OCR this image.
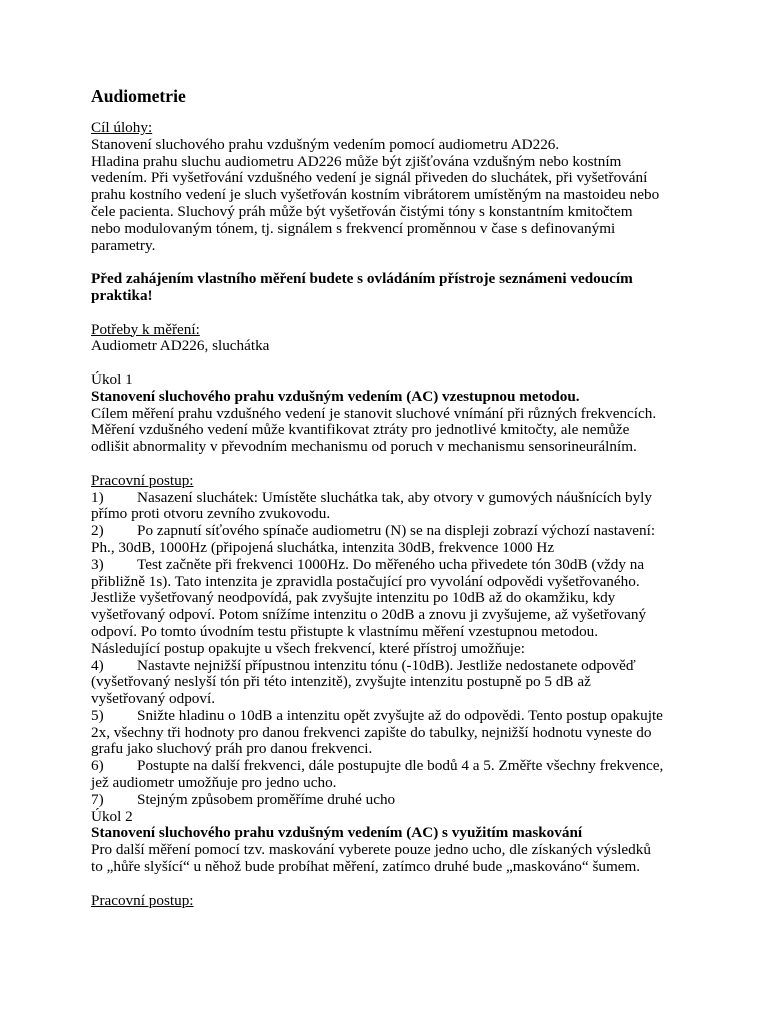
Audiometrie
Cíl úlohy:
Stanovení sluchového prahu vzdušným vedením pomocí audiometru AD226.
Hladina prahu sluchu audiometru AD226 může být zjišťována vzdušným nebo kostním
vedením. Při vyšetřování vzdušného vedení je signál přiveden do sluchátek, při vyšetřování
prahu kostního vedení je sluch vyšetřován kostním vibrátorem umístěným na mastoideu nebo
čele pacienta. Sluchový práh může být vyšetřován čistými tóny s konstantním kmitočtem
nebo modulovaným tónem, tj. signálem s frekvencí proměnnou v čase s definovanými
parametry.
Před zahájením vlastního měření budete s ovládáním přístroje seznámeni vedoucím
praktika!
Potřeby k měření:
Audiometr AD226, sluchátka
Úkol 1
Stanovení sluchového prahu vzdušným vedením (AC) vzestupnou metodou.
Cílem měření prahu vzdušného vedení je stanovit sluchové vnímání při různých frekvencích.
Měření vzdušného vedení může kvantifikovat ztráty pro jednotlivé kmitočty, ale nemůže
odlišit abnormality v převodním mechanismu od poruch v mechanismu sensorineurálním.
Pracovní postup:
1) Nasazení sluchátek: Umístěte sluchátka tak, aby otvory v gumových náušnících byly
přímo proti otvoru zevního zvukovodu.
2) Po zapnutí síťového spínače audiometru (N) se na displeji zobrazí výchozí nastavení:
Ph., 30dB, 1000Hz (připojená sluchátka, intenzita 30dB, frekvence 1000 Hz
3) Test začněte při frekvenci 1000Hz. Do měřeného ucha přivedete tón 30dB (vždy na
přibližně 1s). Tato intenzita je zpravidla postačující pro vyvolání odpovědi vyšetřovaného.
Jestliže vyšetřovaný neodpovídá, pak zvyšujte intenzitu po 10dB až do okamžiku, kdy
vyšetřovaný odpoví. Potom snížíme intenzitu o 20dB a znovu ji zvyšujeme, až vyšetřovaný
odpoví. Po tomto úvodním testu přistupte k vlastnímu měření vzestupnou metodou.
Následující postup opakujte u všech frekvencí, které přístroj umožňuje:
4) Nastavte nejnižší přípustnou intenzitu tónu (-10dB). Jestliže nedostanete odpověď
(vyšetřovaný neslyší tón při této intenzitě), zvyšujte intenzitu postupně po 5 dB až
vyšetřovaný odpoví.
5) Snižte hladinu o 10dB a intenzitu opět zvyšujte až do odpovědi. Tento postup opakujte
2x, všechny tři hodnoty pro danou frekvenci zapište do tabulky, nejnižší hodnotu vyneste do
grafu jako sluchový práh pro danou frekvenci.
6) Postupte na další frekvenci, dále postupujte dle bodů 4 a 5. Změřte všechny frekvence,
jež audiometr umožňuje pro jedno ucho.
7) Stejným způsobem proměříme druhé ucho
Úkol 2
Stanovení sluchového prahu vzdušným vedením (AC) s využitím maskování
Pro další měření pomocí tzv. maskování vyberete pouze jedno ucho, dle získaných výsledků
to „hůře slyšící“ u něhož bude probíhat měření, zatímco druhé bude „maskováno“ šumem.
Pracovní postup:
